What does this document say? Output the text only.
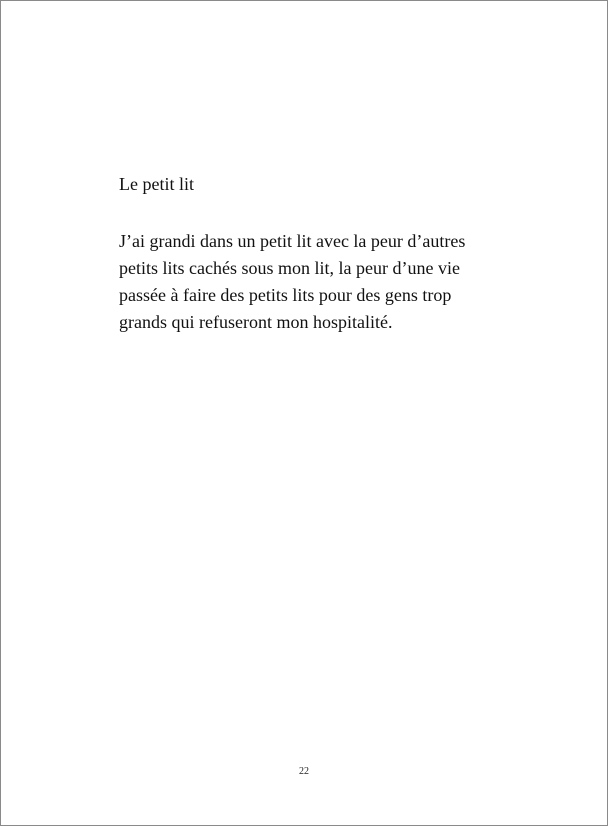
Le petit lit

J’ai grandi dans un petit lit avec la peur d’autres
petits lits cachés sous mon lit, la peur d’une vie
passée à faire des petits lits pour des gens trop
grands qui refuseront mon hospitalité.

22
